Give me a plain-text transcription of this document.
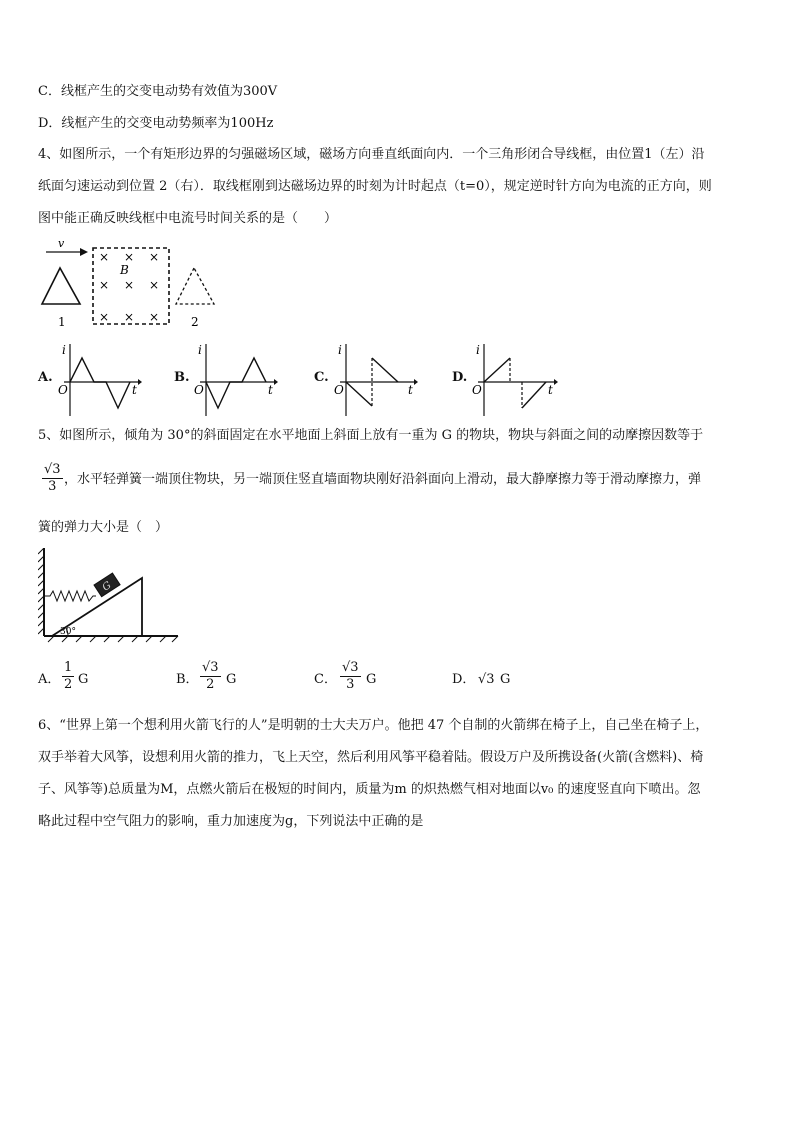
C．线框产生的交变电动势有效值为300V
D．线框产生的交变电动势频率为100Hz
4、如图所示，一个有矩形边界的匀强磁场区域，磁场方向垂直纸面向内．一个三角形闭合导线框，由位置1（左）沿
纸面匀速运动到位置 2（右）．取线框刚到达磁场边界的时刻为计时起点（t=0），规定逆时针方向为电流的正方向，则
图中能正确反映线框中电流号时间关系的是（　　）
v
1
× × ×
B
× × ×
× × ×	2
A.
i
O	t
B.
i
O	t
C.
i
O	t
D.
i
O	t
5、如图所示，倾角为 30°的斜面固定在水平地面上斜面上放有一重为 G 的物块，物块与斜面之间的动摩擦因数等于
$\frac{√3}{3}$ ，水平轻弹簧一端顶住物块，另一端顶住竖直墙面物块刚好沿斜面向上滑动，最大静摩擦力等于滑动摩擦力，弹
簧的弹力大小是（　）
30°
G
A． $\frac{1}{2}$ G	B． $\frac{√3}{2}$ G	C． $\frac{√3}{3}$ G	D． √3 G
6、“世界上第一个想利用火箭飞行的人”是明朝的士大夫万户。他把 47 个自制的火箭绑在椅子上，自己坐在椅子上，
双手举着大风筝，设想利用火箭的推力，飞上天空，然后利用风筝平稳着陆。假设万户及所携设备(火箭(含燃料)、椅
子、风筝等)总质量为M，点燃火箭后在极短的时间内，质量为m 的炽热燃气相对地面以v₀ 的速度竖直向下喷出。忽
略此过程中空气阻力的影响，重力加速度为g，下列说法中正确的是
